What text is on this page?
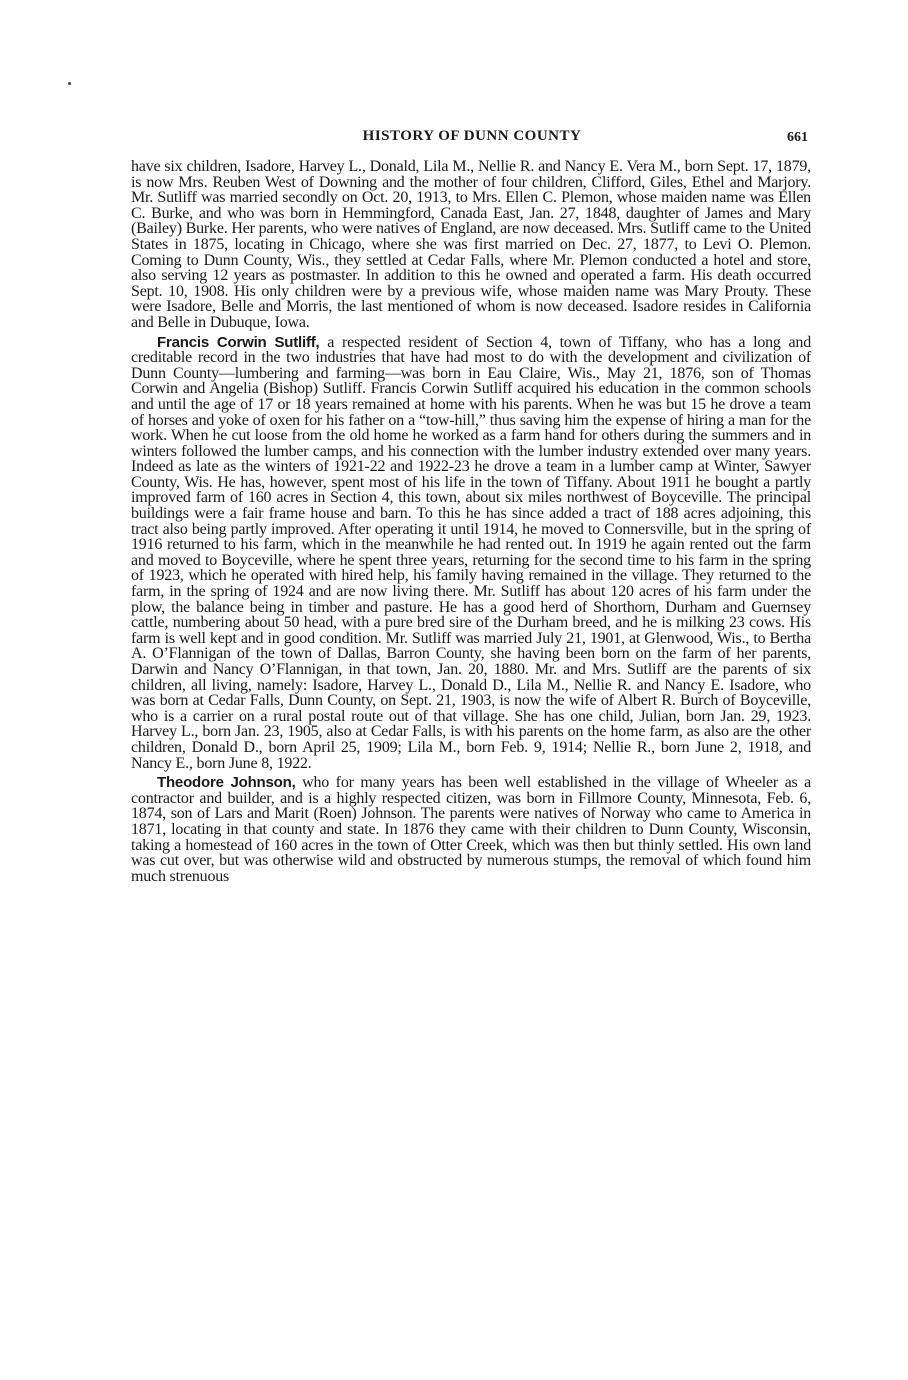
HISTORY OF DUNN COUNTY	661

have six children, Isadore, Harvey L., Donald, Lila M., Nellie R. and Nancy E. Vera M., born Sept. 17, 1879, is now Mrs. Reuben West of Downing and the mother of four children, Clifford, Giles, Ethel and Marjory. Mr. Sutliff was married secondly on Oct. 20, 1913, to Mrs. Ellen C. Plemon, whose maiden name was Ellen C. Burke, and who was born in Hemmingford, Canada East, Jan. 27, 1848, daughter of James and Mary (Bailey) Burke. Her parents, who were natives of England, are now deceased. Mrs. Sutliff came to the United States in 1875, locating in Chicago, where she was first married on Dec. 27, 1877, to Levi O. Plemon. Coming to Dunn County, Wis., they settled at Cedar Falls, where Mr. Plemon conducted a hotel and store, also serving 12 years as postmaster. In addition to this he owned and operated a farm. His death occurred Sept. 10, 1908. His only children were by a previous wife, whose maiden name was Mary Prouty. These were Isadore, Belle and Morris, the last mentioned of whom is now deceased. Isadore resides in California and Belle in Dubuque, Iowa.

Francis Corwin Sutliff, a respected resident of Section 4, town of Tiffany, who has a long and creditable record in the two industries that have had most to do with the development and civilization of Dunn County—lumbering and farming—was born in Eau Claire, Wis., May 21, 1876, son of Thomas Corwin and Angelia (Bishop) Sutliff. Francis Corwin Sutliff acquired his education in the common schools and until the age of 17 or 18 years remained at home with his parents. When he was but 15 he drove a team of horses and yoke of oxen for his father on a “tow-hill,” thus saving him the expense of hiring a man for the work. When he cut loose from the old home he worked as a farm hand for others during the summers and in winters followed the lumber camps, and his connection with the lumber industry extended over many years. Indeed as late as the winters of 1921-22 and 1922-23 he drove a team in a lumber camp at Winter, Sawyer County, Wis. He has, however, spent most of his life in the town of Tiffany. About 1911 he bought a partly improved farm of 160 acres in Section 4, this town, about six miles northwest of Boyceville. The principal buildings were a fair frame house and barn. To this he has since added a tract of 188 acres adjoining, this tract also being partly improved. After operating it until 1914, he moved to Connersville, but in the spring of 1916 returned to his farm, which in the meanwhile he had rented out. In 1919 he again rented out the farm and moved to Boyceville, where he spent three years, returning for the second time to his farm in the spring of 1923, which he operated with hired help, his family having remained in the village. They returned to the farm, in the spring of 1924 and are now living there. Mr. Sutliff has about 120 acres of his farm under the plow, the balance being in timber and pasture. He has a good herd of Shorthorn, Durham and Guernsey cattle, numbering about 50 head, with a pure bred sire of the Durham breed, and he is milking 23 cows. His farm is well kept and in good condition. Mr. Sutliff was married July 21, 1901, at Glenwood, Wis., to Bertha A. O’Flannigan of the town of Dallas, Barron County, she having been born on the farm of her parents, Darwin and Nancy O’Flannigan, in that town, Jan. 20, 1880. Mr. and Mrs. Sutliff are the parents of six children, all living, namely: Isadore, Harvey L., Donald D., Lila M., Nellie R. and Nancy E. Isadore, who was born at Cedar Falls, Dunn County, on Sept. 21, 1903, is now the wife of Albert R. Burch of Boyceville, who is a carrier on a rural postal route out of that village. She has one child, Julian, born Jan. 29, 1923. Harvey L., born Jan. 23, 1905, also at Cedar Falls, is with his parents on the home farm, as also are the other children, Donald D., born April 25, 1909; Lila M., born Feb. 9, 1914; Nellie R., born June 2, 1918, and Nancy E., born June 8, 1922.

Theodore Johnson, who for many years has been well established in the village of Wheeler as a contractor and builder, and is a highly respected citizen, was born in Fillmore County, Minnesota, Feb. 6, 1874, son of Lars and Marit (Roen) Johnson. The parents were natives of Norway who came to America in 1871, locating in that county and state. In 1876 they came with their children to Dunn County, Wisconsin, taking a homestead of 160 acres in the town of Otter Creek, which was then but thinly settled. His own land was cut over, but was otherwise wild and obstructed by numerous stumps, the removal of which found him much strenuous
